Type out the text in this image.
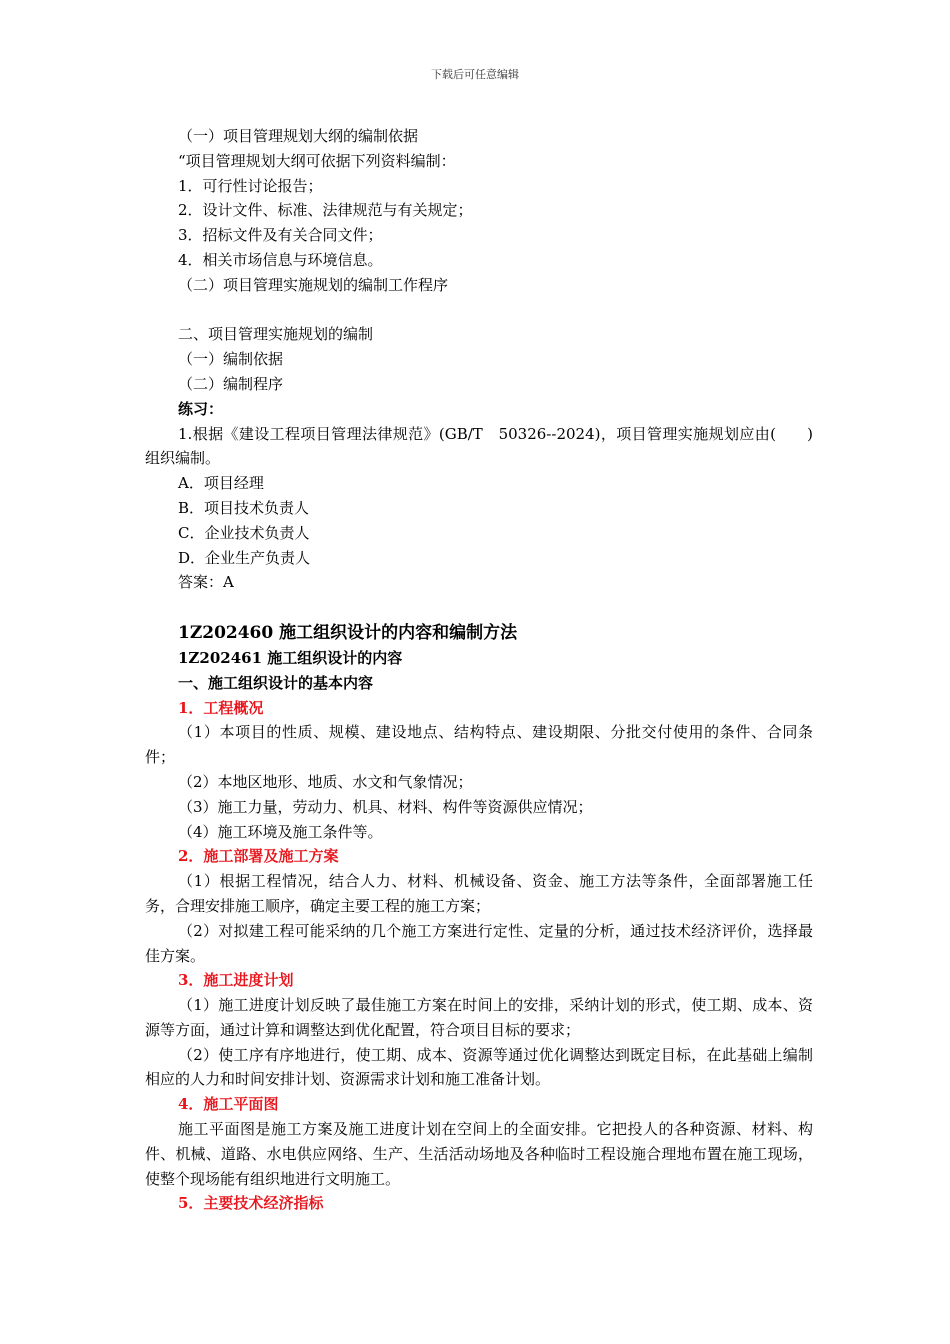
下载后可任意编辑
（一）项目管理规划大纲的编制依据
“项目管理规划大纲可依据下列资料编制：
1．可行性讨论报告；
2．设计文件、标准、法律规范与有关规定；
3．招标文件及有关合同文件；
4．相关市场信息与环境信息。
（二）项目管理实施规划的编制工作程序
二、项目管理实施规划的编制
（一）编制依据
（二）编制程序
练习：
1.根据《建设工程项目管理法律规范》(GB/T　50326--2024)，项目管理实施规划应由(　　)组织编制。
A．项目经理
B．项目技术负责人
C．企业技术负责人
D．企业生产负责人
答案：A
1Z202460 施工组织设计的内容和编制方法
1Z202461 施工组织设计的内容
一、施工组织设计的基本内容
1．工程概况
（1）本项目的性质、规模、建设地点、结构特点、建设期限、分批交付使用的条件、合同条件；
（2）本地区地形、地质、水文和气象情况；
（3）施工力量，劳动力、机具、材料、构件等资源供应情况；
（4）施工环境及施工条件等。
2．施工部署及施工方案
（1）根据工程情况，结合人力、材料、机械设备、资金、施工方法等条件，全面部署施工任务，合理安排施工顺序，确定主要工程的施工方案；
（2）对拟建工程可能采纳的几个施工方案进行定性、定量的分析，通过技术经济评价，选择最佳方案。
3．施工进度计划
（1）施工进度计划反映了最佳施工方案在时间上的安排，采纳计划的形式，使工期、成本、资源等方面，通过计算和调整达到优化配置，符合项目目标的要求；
（2）使工序有序地进行，使工期、成本、资源等通过优化调整达到既定目标，在此基础上编制相应的人力和时间安排计划、资源需求计划和施工准备计划。
4．施工平面图
施工平面图是施工方案及施工进度计划在空间上的全面安排。它把投人的各种资源、材料、构件、机械、道路、水电供应网络、生产、生活活动场地及各种临时工程设施合理地布置在施工现场，使整个现场能有组织地进行文明施工。
5．主要技术经济指标
